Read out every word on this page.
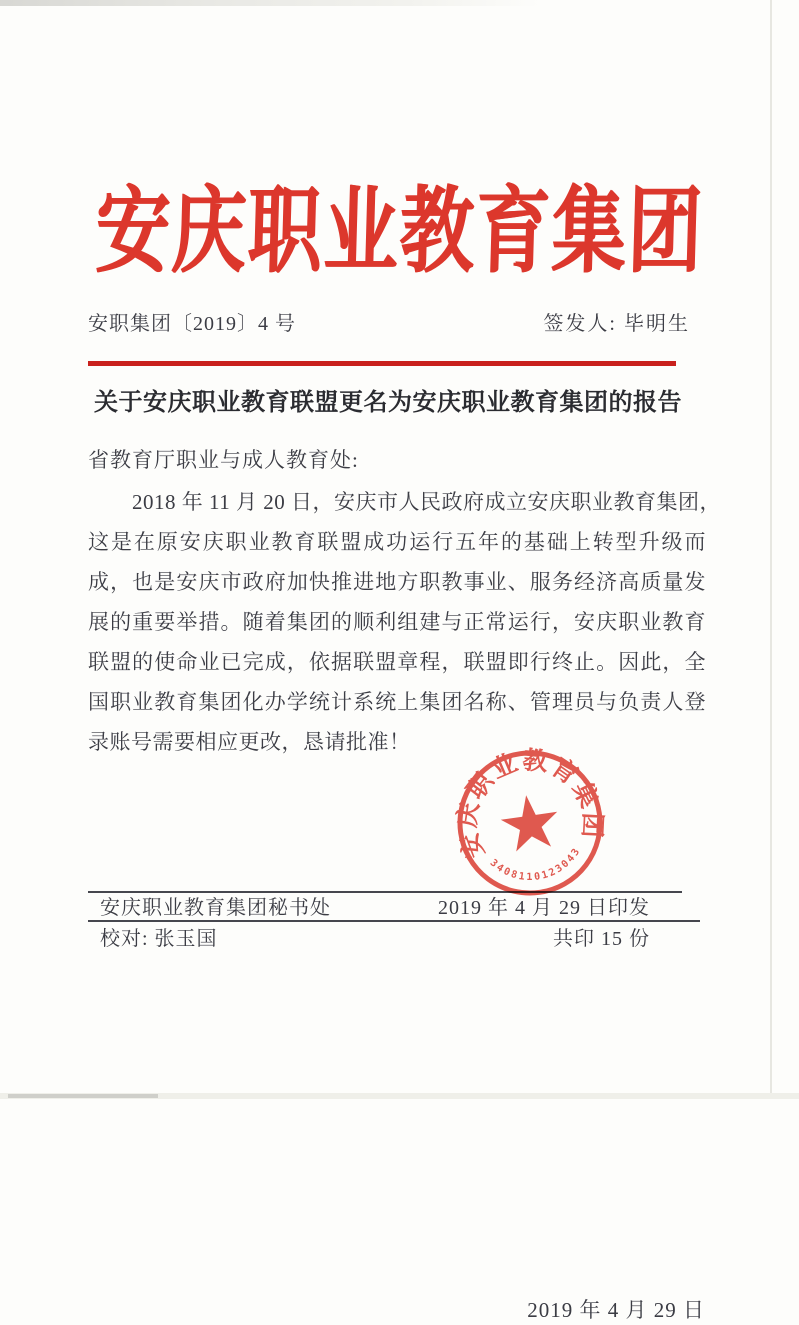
安庆职业教育集团
安职集团〔2019〕4 号	签发人: 毕明生
关于安庆职业教育联盟更名为安庆职业教育集团的报告
省教育厅职业与成人教育处:
2018 年 11 月 20 日，安庆市人民政府成立安庆职业教育集团，
这是在原安庆职业教育联盟成功运行五年的基础上转型升级而
成，也是安庆市政府加快推进地方职教事业、服务经济高质量发
展的重要举措。随着集团的顺利组建与正常运行，安庆职业教育
联盟的使命业已完成，依据联盟章程，联盟即行终止。因此，全
国职业教育集团化办学统计系统上集团名称、管理员与负责人登
录账号需要相应更改，恳请批准！
2019 年 4 月 29 日
安庆职业教育集团
3408110123043
安庆职业教育集团秘书处	2019 年 4 月 29 日印发
校对: 张玉国	共印 15 份
